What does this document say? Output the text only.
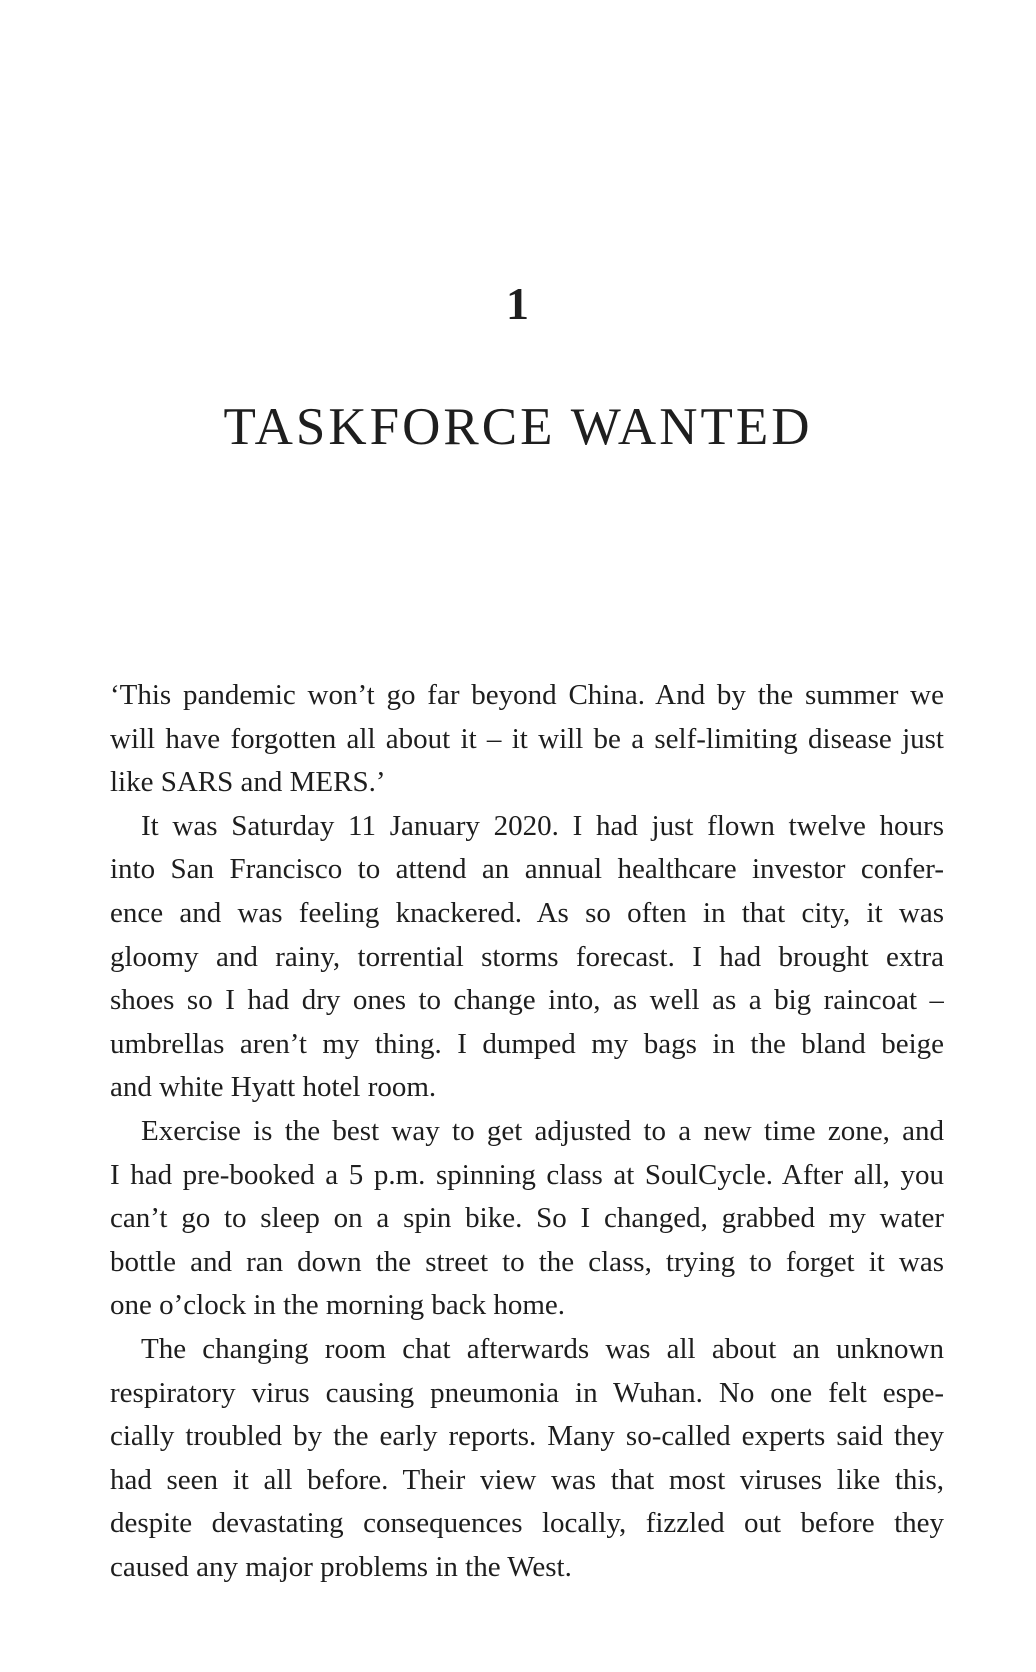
1
TASKFORCE WANTED
‘This pandemic won’t go far beyond China. And by the summer we
will have forgotten all about it – it will be a self-limiting disease just
like SARS and MERS.’
It was Saturday 11 January 2020. I had just flown twelve hours
into San Francisco to attend an annual healthcare investor confer-
ence and was feeling knackered. As so often in that city, it was
gloomy and rainy, torrential storms forecast. I had brought extra
shoes so I had dry ones to change into, as well as a big raincoat –
umbrellas aren’t my thing. I dumped my bags in the bland beige
and white Hyatt hotel room.
Exercise is the best way to get adjusted to a new time zone, and
I had pre-booked a 5 p.m. spinning class at SoulCycle. After all, you
can’t go to sleep on a spin bike. So I changed, grabbed my water
bottle and ran down the street to the class, trying to forget it was
one o’clock in the morning back home.
The changing room chat afterwards was all about an unknown
respiratory virus causing pneumonia in Wuhan. No one felt espe-
cially troubled by the early reports. Many so-called experts said they
had seen it all before. Their view was that most viruses like this,
despite devastating consequences locally, fizzled out before they
caused any major problems in the West.
